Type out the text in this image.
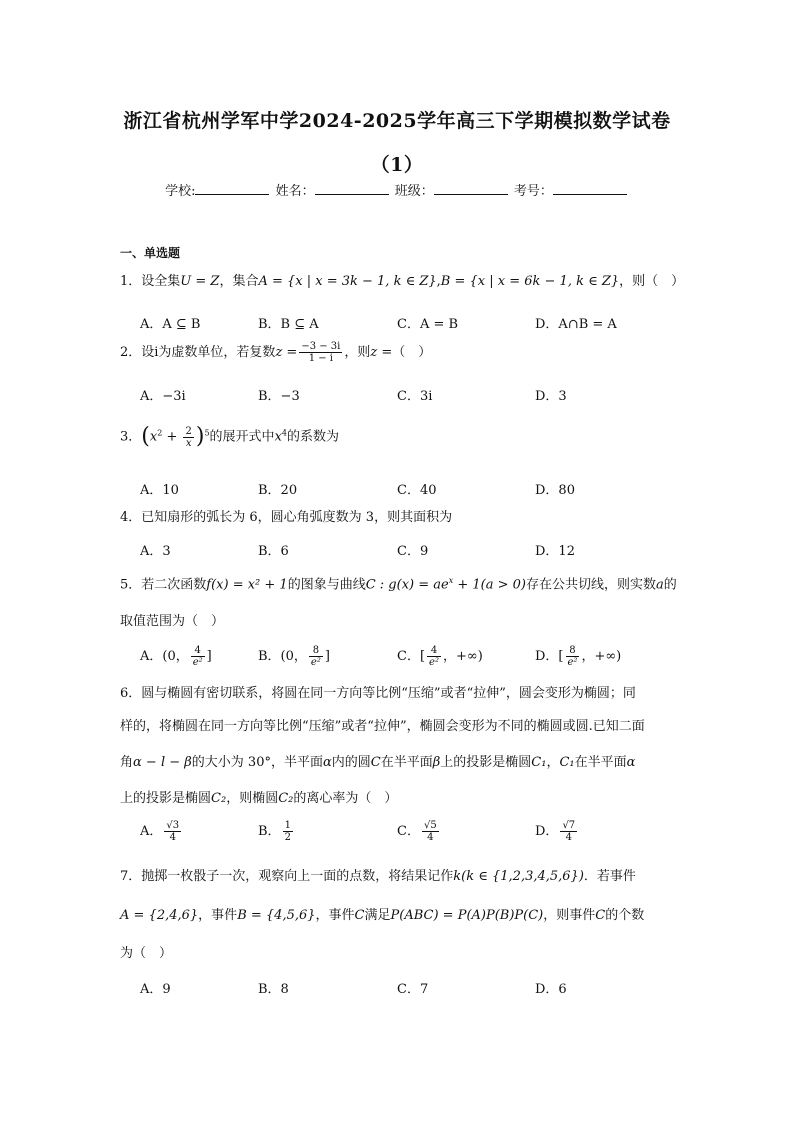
浙江省杭州学军中学2024-2025学年高三下学期模拟数学试卷
（1）
学校:	姓名：	班级：	考号：
一、单选题
1．设全集U = Z，集合A = {x | x = 3k − 1, k ∈ Z},B = {x | x = 6k − 1, k ∈ Z}，则（　）
A．A ⊆ B	B．B ⊆ A	C．A = B	D．A∩B = A
2．设i为虚数单位，若复数$z = \frac{-3 - 3i}{1 - i}$ ，则z =（　）
A．−3i	B．−3	C．3i	D．3
3．$(x^2 + \frac{2}{x} )^5$的展开式中$x^4$的系数为
A．10	B．20	C．40	D．80
4．已知扇形的弧长为 6，圆心角弧度数为 3，则其面积为
A．3	B．6	C．9	D．12
5．若二次函数f(x) = x² + 1的图象与曲线C : $g(x) = ae^x + 1(a > 0)$存在公共切线，则实数a的
取值范围为（　）
A．(0， $\frac{4}{\text{e²}}$ ]	B．(0， $\frac{8}{\text{e²}}$ ]	C．[ $\frac{4}{\text{e²}}$ ，+∞)	D．[ $\frac{8}{\text{e²}}$ ，+∞)
6．圆与椭圆有密切联系，将圆在同一方向等比例“压缩”或者“拉伸”，圆会变形为椭圆；同
样的，将椭圆在同一方向等比例“压缩”或者“拉伸”，椭圆会变形为不同的椭圆或圆.已知二面
角α − l − β的大小为 30°，半平面α内的圆C在半平面β上的投影是椭圆C₁，C₁在半平面α
上的投影是椭圆C₂，则椭圆C₂的离心率为（　）
A． $\frac{√3}{4}$	B． $\frac{1}{2}$	C． $\frac{√5}{4}$	D． $\frac{√7}{4}$
7．抛掷一枚骰子一次，观察向上一面的点数，将结果记作k(k ∈ {1,2,3,4,5,6})．若事件
A = {2,4,6}，事件B = {4,5,6}，事件C满足P(ABC) = P(A)P(B)P(C)，则事件C的个数
为（　）
A．9	B．8	C．7	D．6
